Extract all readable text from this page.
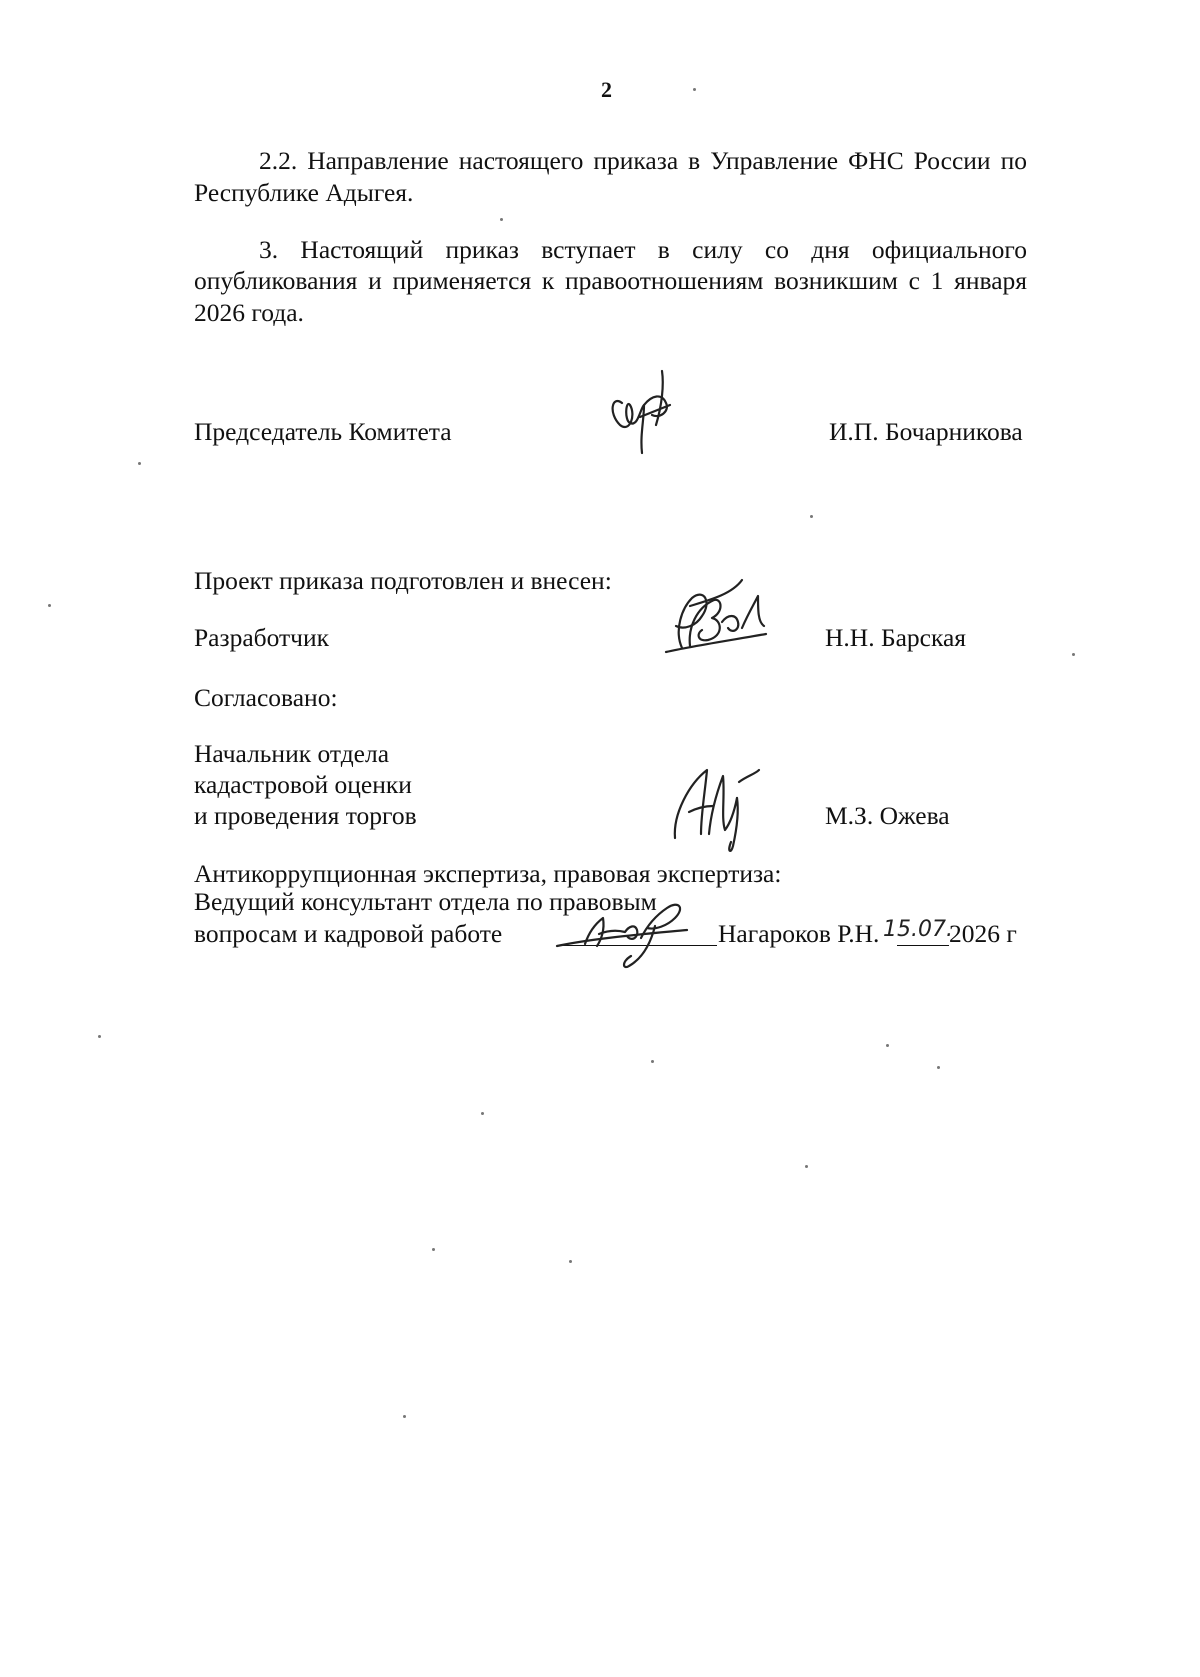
2
2.2. Направление настоящего приказа в Управление ФНС России по
Республике Адыгея.
3. Настоящий приказ вступает в силу со дня официального
опубликования и применяется к правоотношениям возникшим с 1 января
2026 года.
Председатель Комитета	И.П. Бочарникова
Проект приказа подготовлен и внесен:
Разработчик	Н.Н. Барская
Согласовано:
Начальник отдела
кадастровой оценки
и проведения торгов	М.З. Ожева
Антикоррупционная экспертиза, правовая экспертиза:
Ведущий консультант отдела по правовым
вопросам и кадровой работе	Нагароков Р.Н. 15.07.
2026 г
